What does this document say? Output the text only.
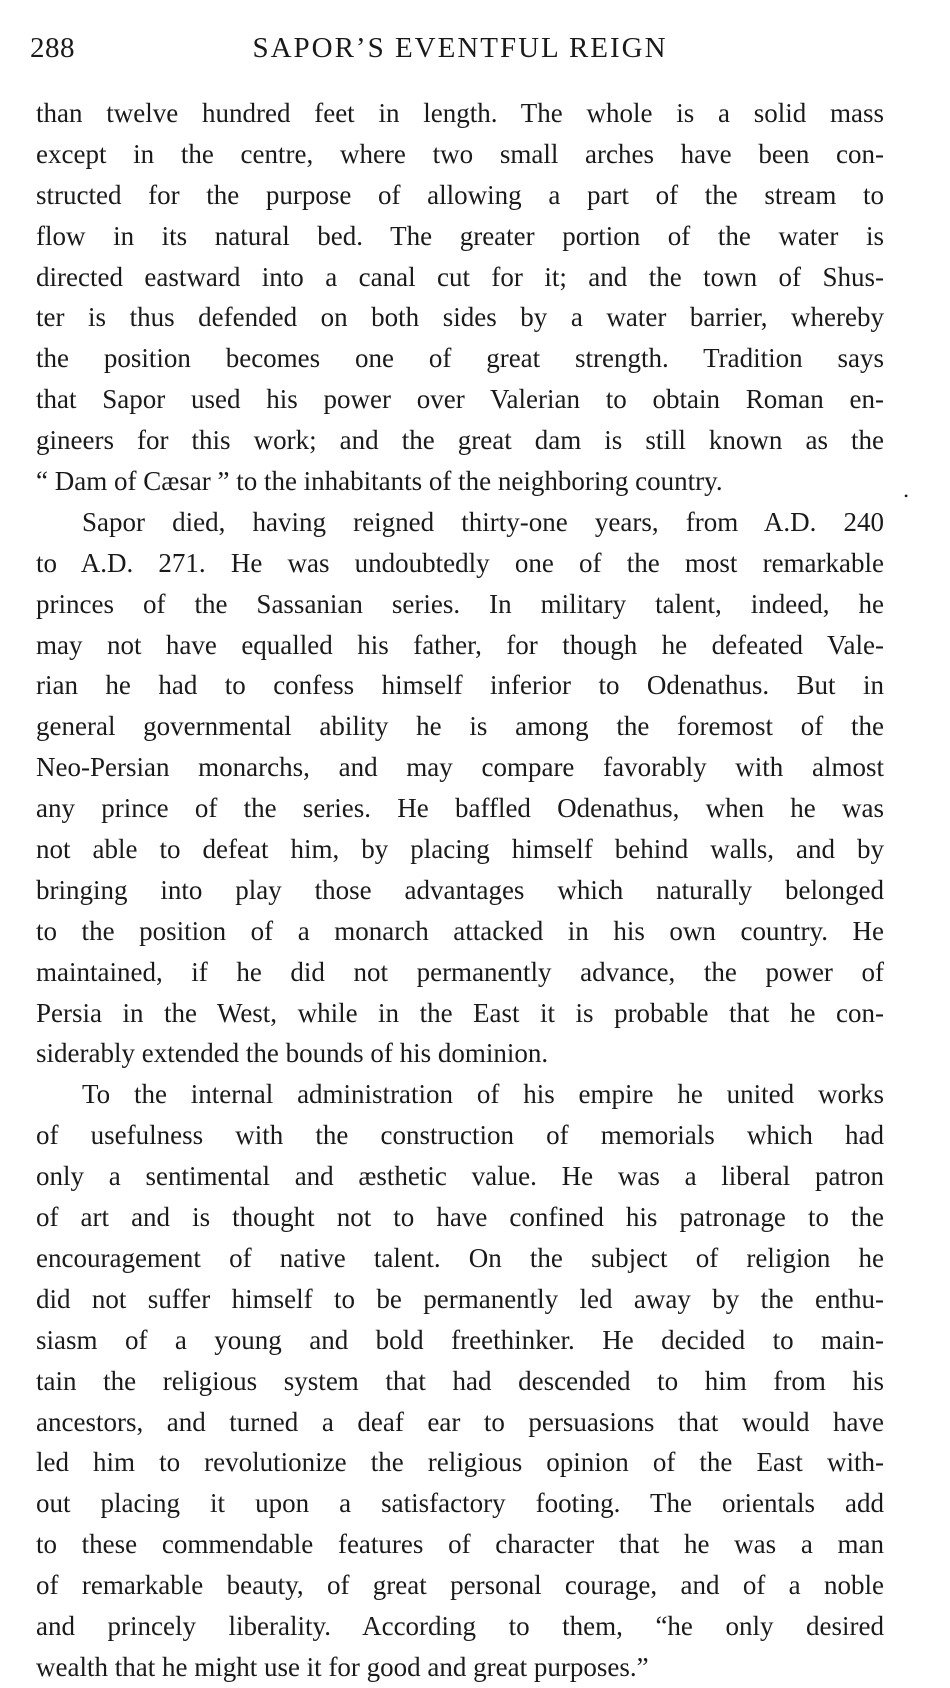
288	SAPOR’S EVENTFUL REIGN
•
than twelve hundred feet in length. The whole is a solid mass
except in the centre, where two small arches have been con-
structed for the purpose of allowing a part of the stream to
flow in its natural bed. The greater portion of the water is
directed eastward into a canal cut for it; and the town of Shus-
ter is thus defended on both sides by a water barrier, whereby
the position becomes one of great strength. Tradition says
that Sapor used his power over Valerian to obtain Roman en-
gineers for this work; and the great dam is still known as the
“ Dam of Cæsar ” to the inhabitants of the neighboring country.
Sapor died, having reigned thirty-one years, from A.D. 240
to A.D. 271. He was undoubtedly one of the most remarkable
princes of the Sassanian series. In military talent, indeed, he
may not have equalled his father, for though he defeated Vale-
rian he had to confess himself inferior to Odenathus. But in
general governmental ability he is among the foremost of the
Neo-Persian monarchs, and may compare favorably with almost
any prince of the series. He baffled Odenathus, when he was
not able to defeat him, by placing himself behind walls, and by
bringing into play those advantages which naturally belonged
to the position of a monarch attacked in his own country. He
maintained, if he did not permanently advance, the power of
Persia in the West, while in the East it is probable that he con-
siderably extended the bounds of his dominion.
To the internal administration of his empire he united works
of usefulness with the construction of memorials which had
only a sentimental and æsthetic value. He was a liberal patron
of art and is thought not to have confined his patronage to the
encouragement of native talent. On the subject of religion he
did not suffer himself to be permanently led away by the enthu-
siasm of a young and bold freethinker. He decided to main-
tain the religious system that had descended to him from his
ancestors, and turned a deaf ear to persuasions that would have
led him to revolutionize the religious opinion of the East with-
out placing it upon a satisfactory footing. The orientals add
to these commendable features of character that he was a man
of remarkable beauty, of great personal courage, and of a noble
and princely liberality. According to them, “he only desired
wealth that he might use it for good and great purposes.”
